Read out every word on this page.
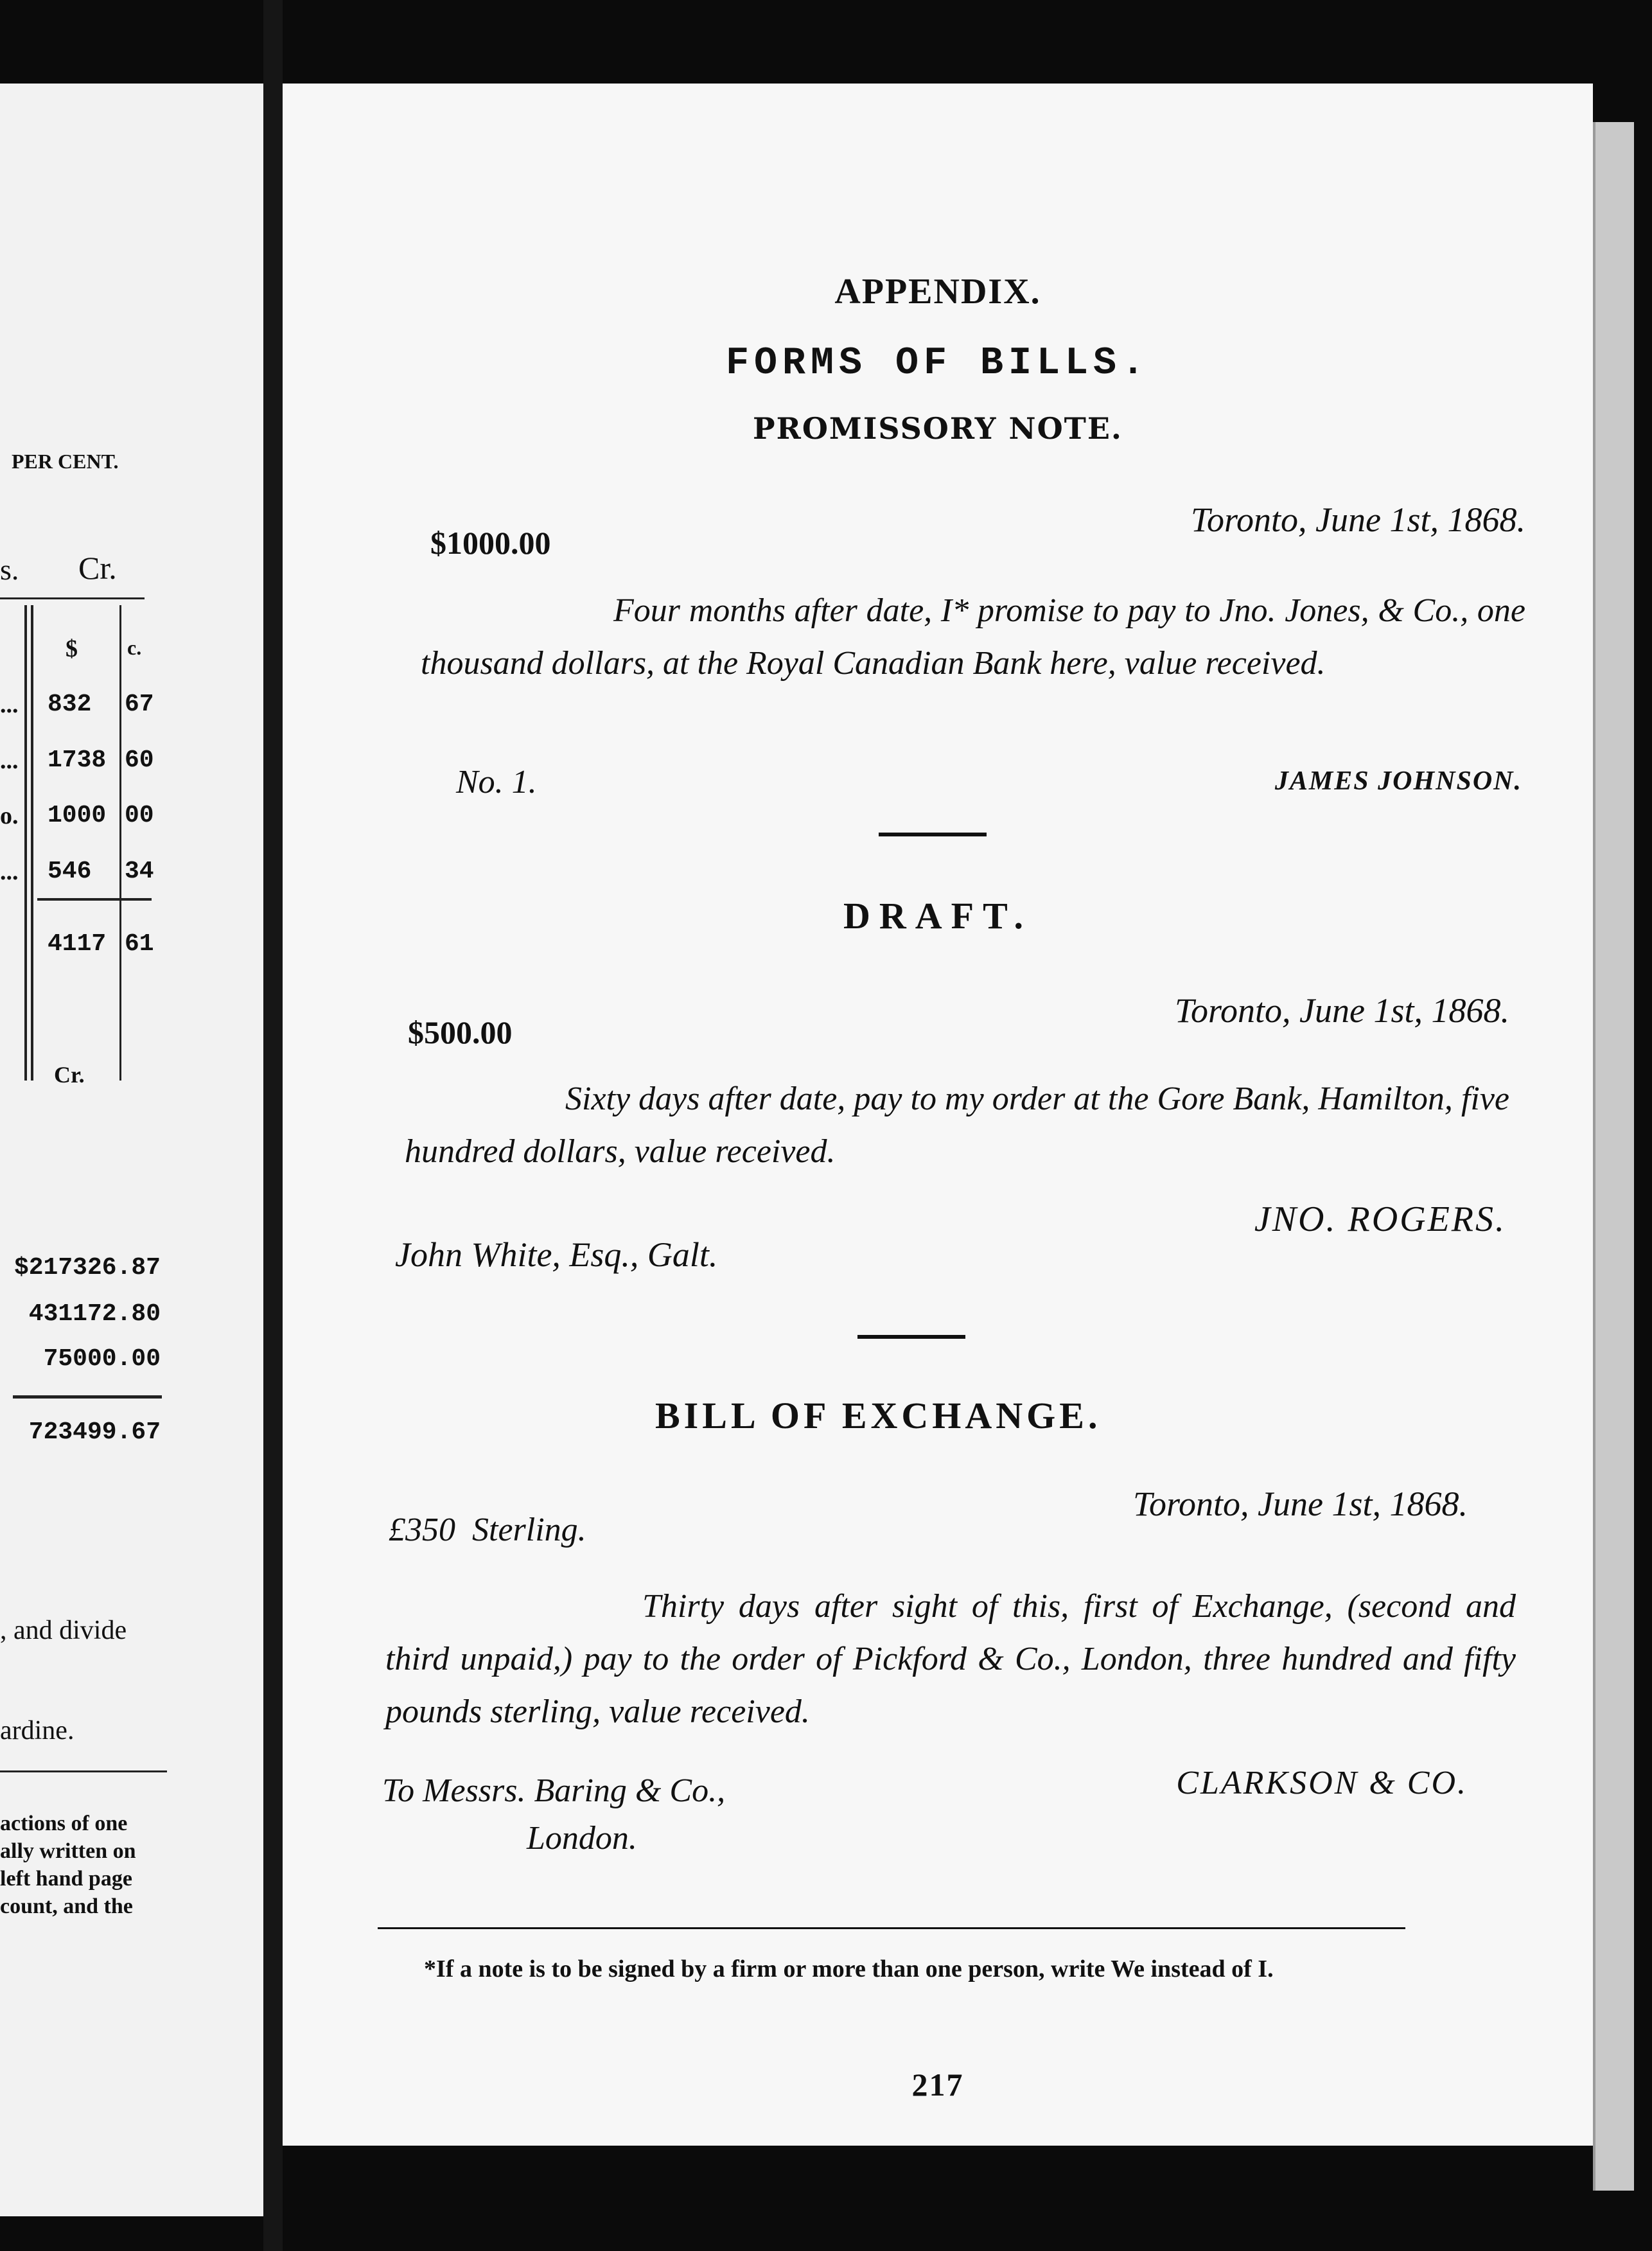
PER CENT.
s. Cr.
$ c.
... 832 67
... 1738 60
o. 1000 00
... 546 34
4117 61
Cr.
$217326.87
431172.80
75000.00
723499.67
, and divide
ardine.
actions of one
ally written on
left hand page
count, and the
APPENDIX.
FORMS OF BILLS.
PROMISSORY NOTE.
Toronto, June 1st, 1868.
$1000.00
Four months after date, I* promise to pay to Jno. Jones, & Co., one thousand dollars, at the Royal Canadian Bank here, value received.
No. 1.	JAMES JOHNSON.
DRAFT.
Toronto, June 1st, 1868.
$500.00
Sixty days after date, pay to my order at the Gore Bank, Hamilton, five hundred dollars, value received.
JNO. ROGERS.
John White, Esq., Galt.
BILL OF EXCHANGE.
Toronto, June 1st, 1868.
£350  Sterling.
Thirty days after sight of this, first of Exchange, (second and third unpaid,) pay to the order of Pickford & Co., London, three hundred and fifty pounds sterling, value received.
CLARKSON & CO.
To Messrs. Baring & Co.,
London.
*If a note is to be signed by a firm or more than one person, write We instead of I.
217
